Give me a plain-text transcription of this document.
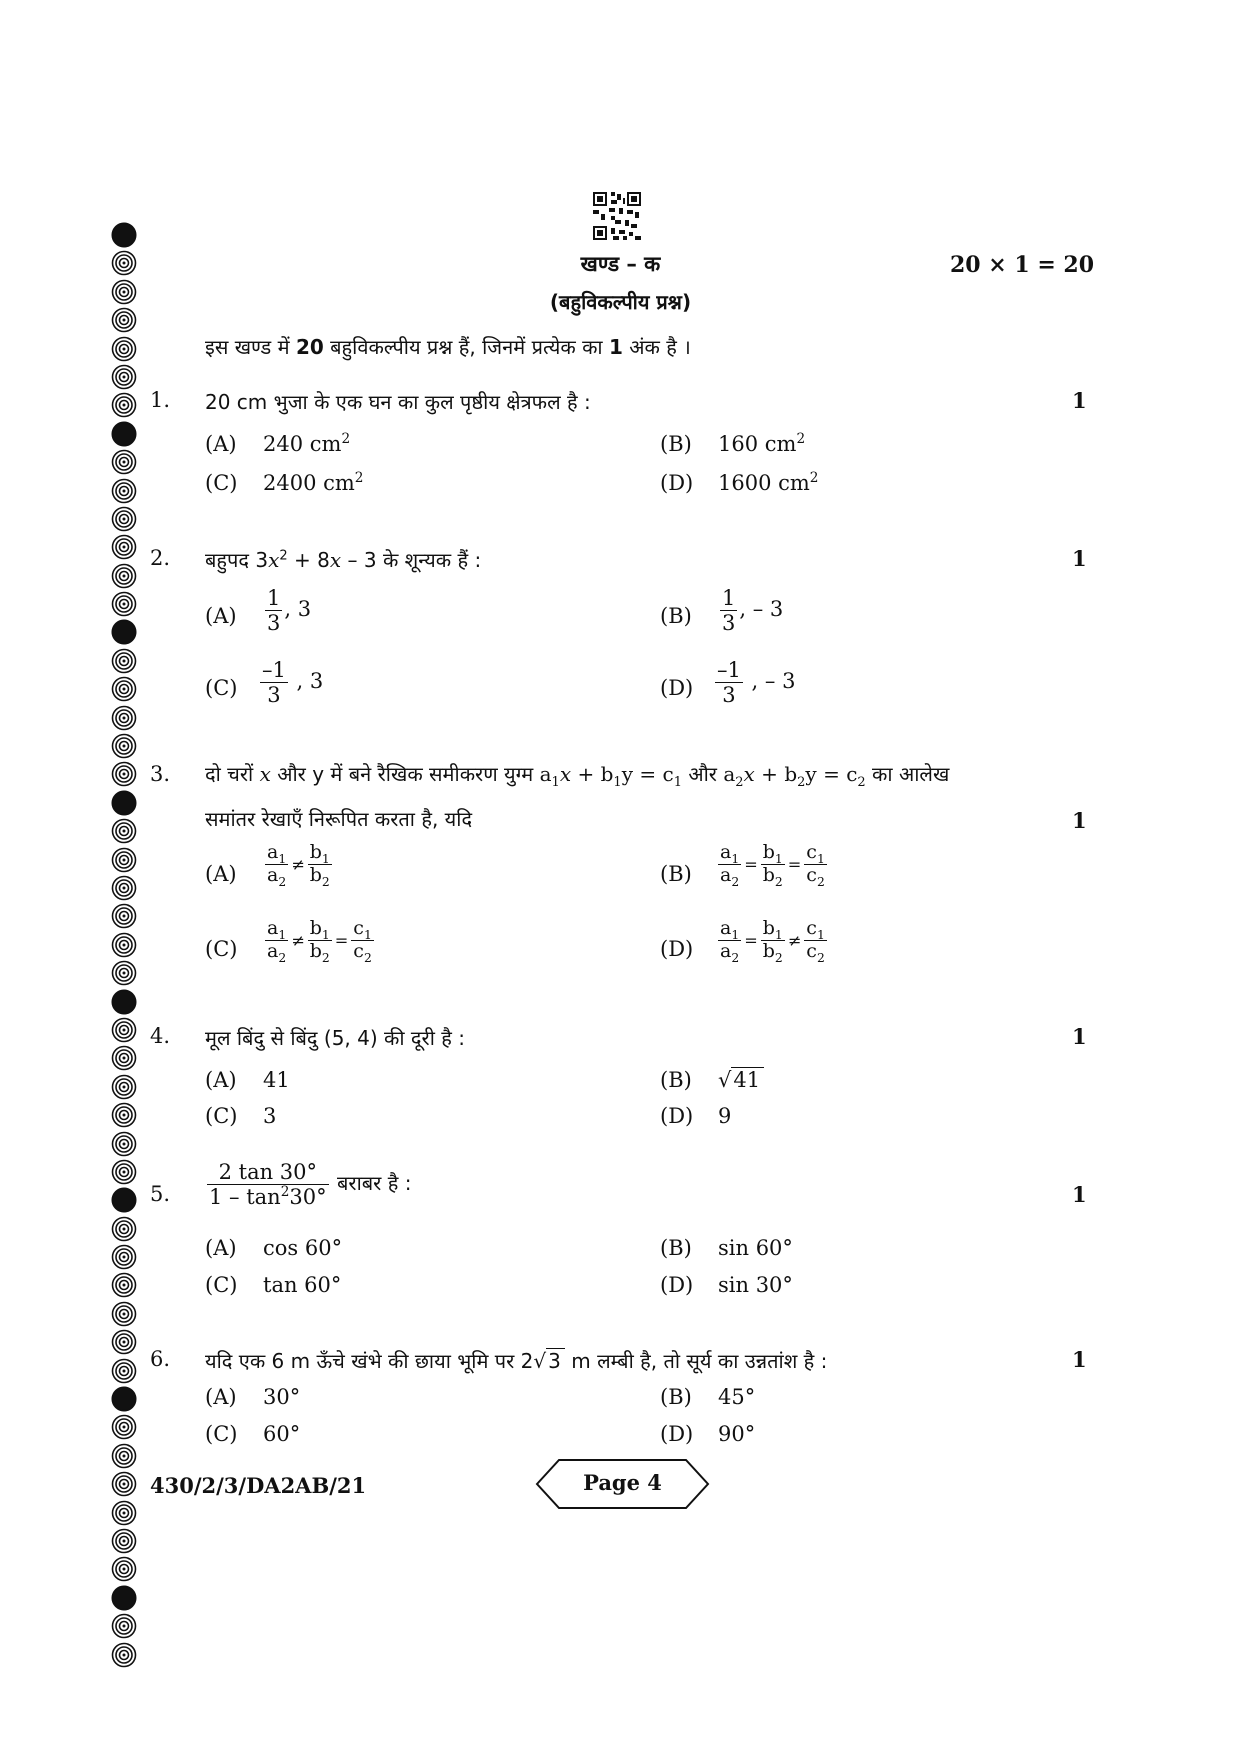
खण्ड – क	20 × 1 = 20
(बहुविकल्पीय प्रश्न)
इस खण्ड में 20 बहुविकल्पीय प्रश्न हैं, जिनमें प्रत्येक का 1 अंक है ।
1. 20 cm भुजा के एक घन का कुल पृष्ठीय क्षेत्रफल है :	1
(A) 240 $cm^2$	(B) 160 $cm^2$
(C) 2400 $cm^2$	(D) 1600 $cm^2$
2. बहुपद $3x^2 + 8x - 3$ के शून्यक हैं :	1
$(A) \frac{1}{3}$ , 3	$(B) \frac{1}{3}$ , – 3
$(C) \frac{-1}{3}$ , 3	$(D) \frac{-1}{3}$ , – 3
3. दो चरों x और y में बने रैखिक समीकरण युग्म $a_1x + b_1y = c_1$ और $a_2x + b_2y = c_2$ का आलेख
समांतर रेखाएँ निरूपित करता है, यदि	1
$(A) \frac{a_1}{a_2} \ne \frac{b_1}{b_2}$	$(B) \frac{a_1}{a_2} = \frac{b_1}{b_2} = \frac{c_1}{c_2}$
$(C) \frac{a_1}{a_2} \ne \frac{b_1}{b_2} = \frac{c_1}{c_2}$	$(D) \frac{a_1}{a_2} = \frac{b_1}{b_2} \ne \frac{c_1}{c_2}$
4. मूल बिंदु से बिंदु (5, 4) की दूरी है :	1
(A) 41	(B) √41
(C) 3	(D) 9
5. $\frac{2 \tan 30^\circ}{1 - \tan^230^\circ}$ बराबर है :	1
(A) cos 60°	(B) sin 60°
(C) tan 60°	(D) sin 30°
6. यदि एक 6 m ऊँचे खंभे की छाया भूमि पर 2√ 3 m लम्बी है, तो सूर्य का उन्नतांश है :	1
(A) 30°	(B) 45°
(C) 60°	(D) 90°
430/2/3/DA2AB/21	Page 4
